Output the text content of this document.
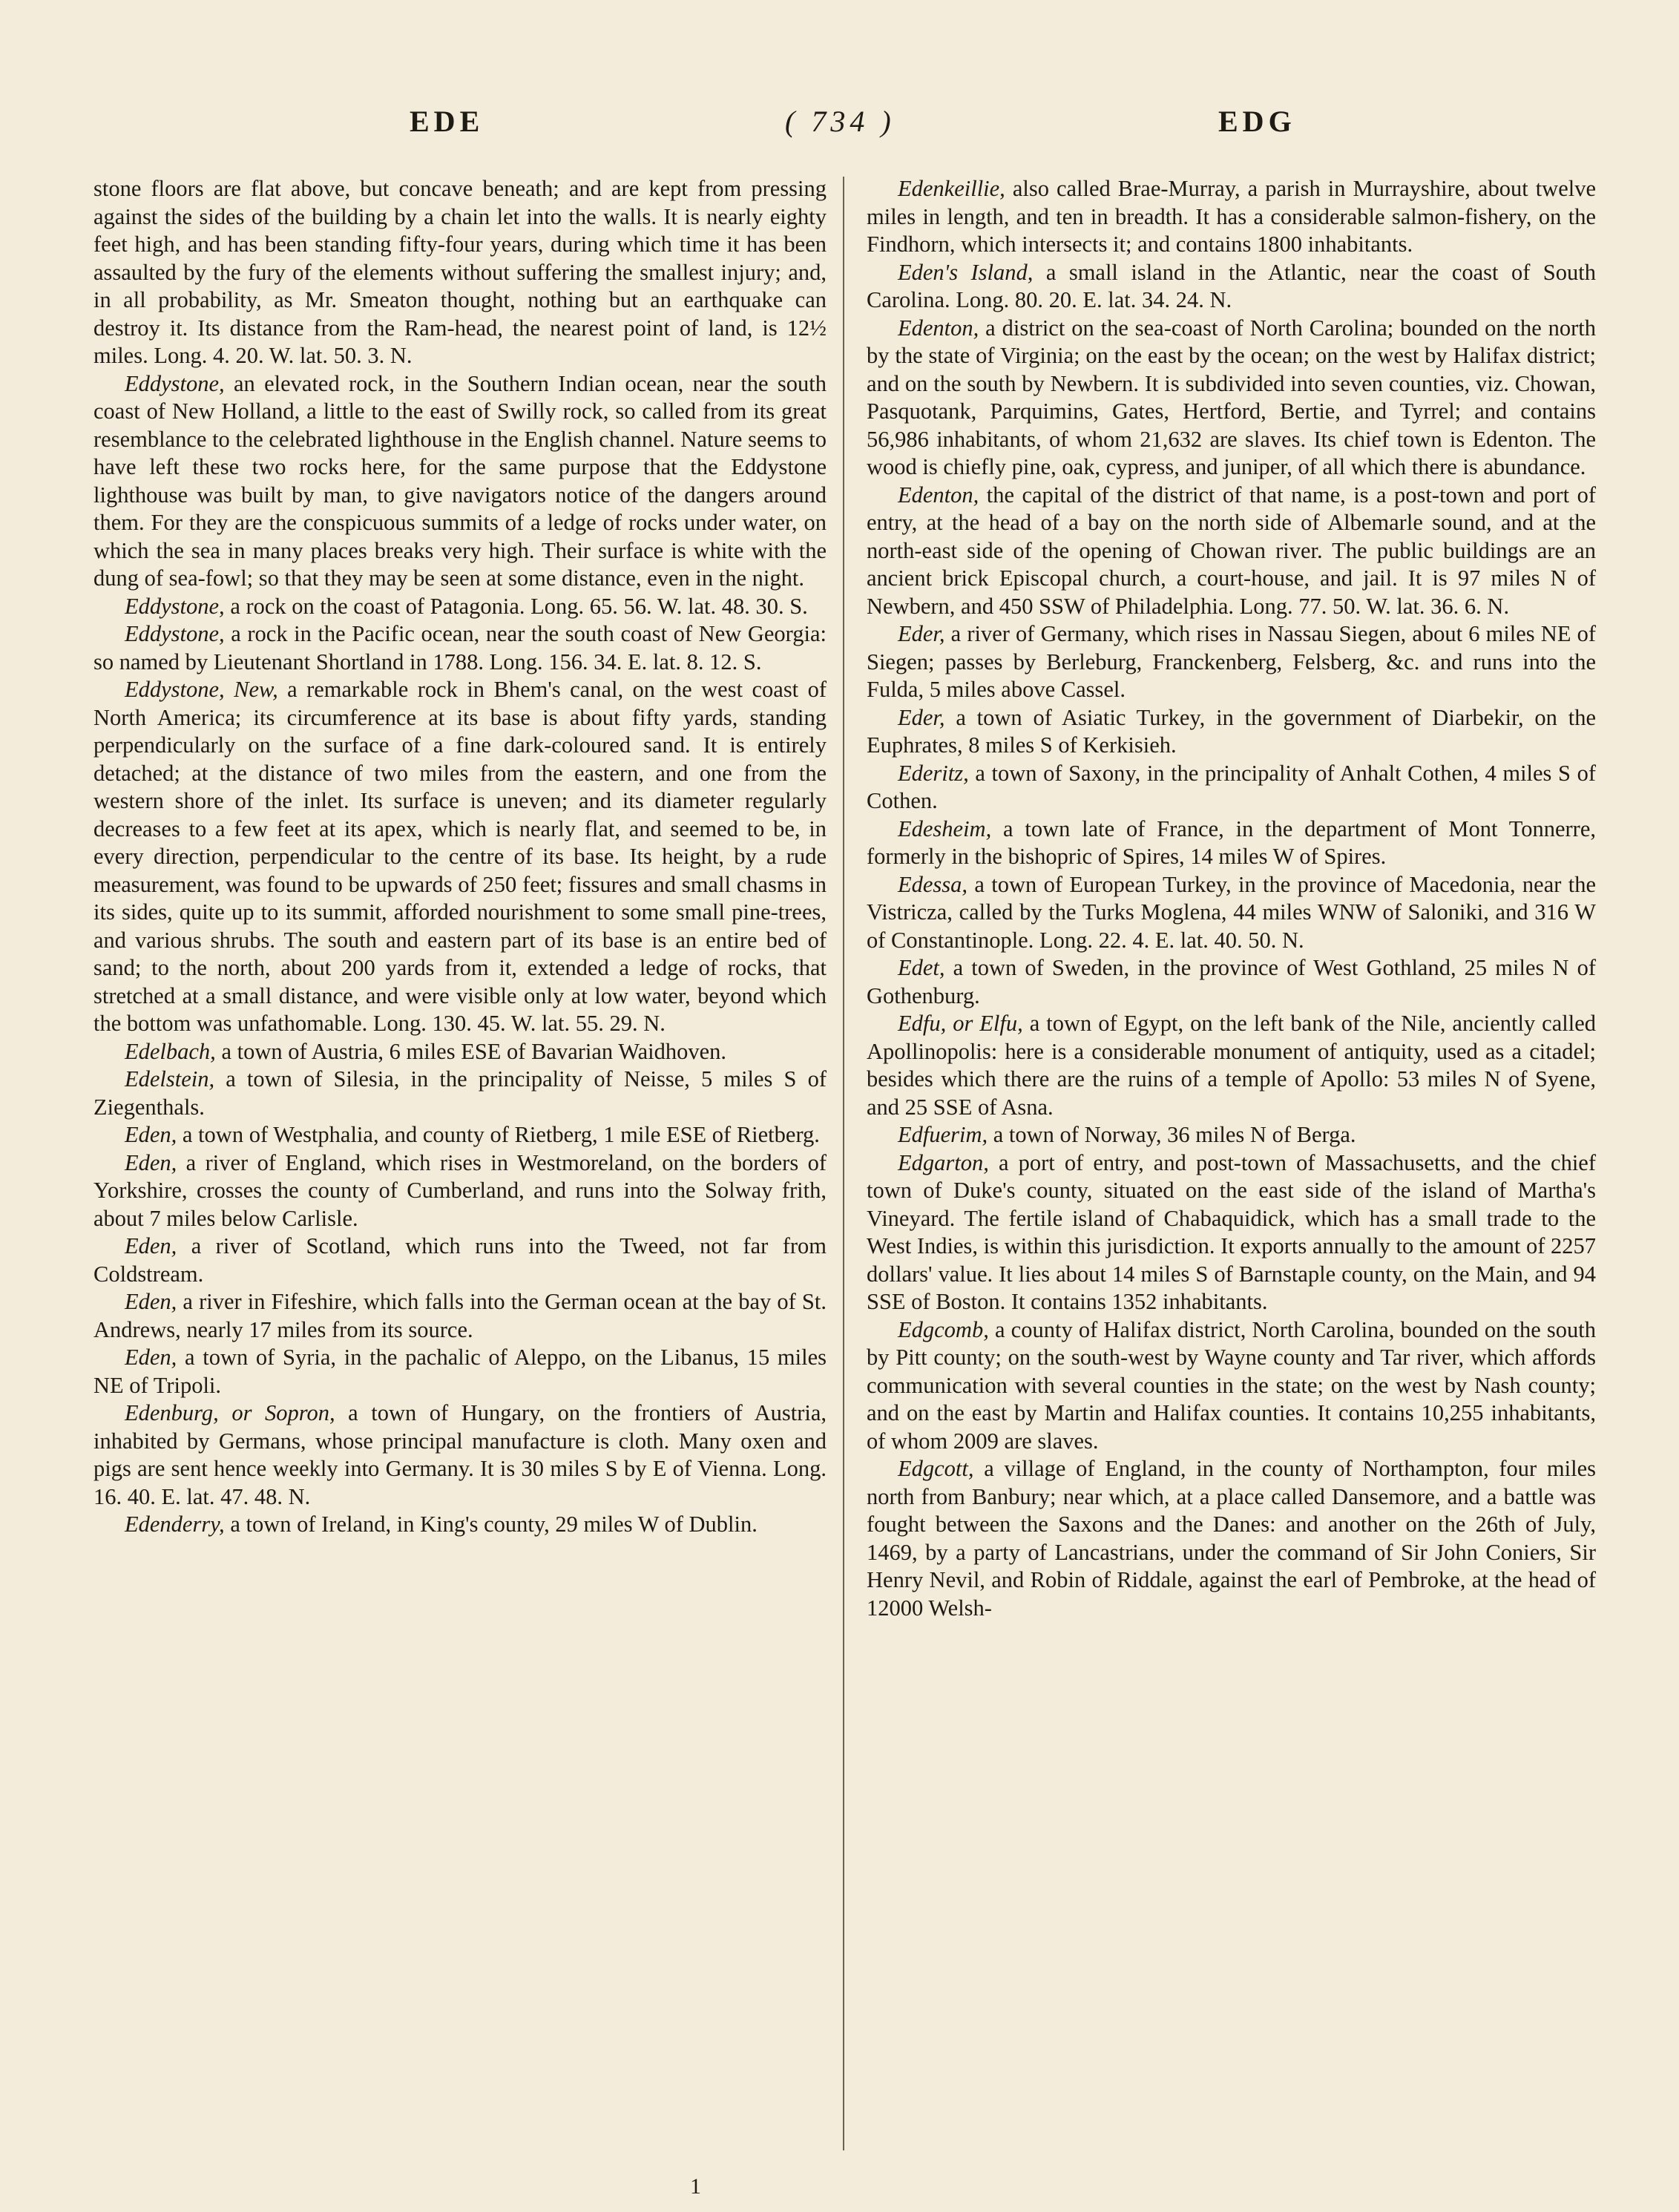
EDE	( 734 )	EDG

stone floors are flat above, but concave beneath; and are kept from pressing against the sides of the building by a chain let into the walls. It is nearly eighty feet high, and has been standing fifty-four years, during which time it has been assaulted by the fury of the elements without suffering the smallest injury; and, in all probability, as Mr. Smeaton thought, nothing but an earthquake can destroy it. Its distance from the Ram-head, the nearest point of land, is 12½ miles. Long. 4. 20. W. lat. 50. 3. N.

Eddystone, an elevated rock, in the Southern Indian ocean, near the south coast of New Holland, a little to the east of Swilly rock, so called from its great resemblance to the celebrated lighthouse in the English channel. Nature seems to have left these two rocks here, for the same purpose that the Eddystone lighthouse was built by man, to give navigators notice of the dangers around them. For they are the conspicuous summits of a ledge of rocks under water, on which the sea in many places breaks very high. Their surface is white with the dung of sea-fowl; so that they may be seen at some distance, even in the night.

Eddystone, a rock on the coast of Patagonia. Long. 65. 56. W. lat. 48. 30. S.

Eddystone, a rock in the Pacific ocean, near the south coast of New Georgia: so named by Lieutenant Shortland in 1788. Long. 156. 34. E. lat. 8. 12. S.

Eddystone, New, a remarkable rock in Bhem's canal, on the west coast of North America; its circumference at its base is about fifty yards, standing perpendicularly on the surface of a fine dark-coloured sand. It is entirely detached; at the distance of two miles from the eastern, and one from the western shore of the inlet. Its surface is uneven; and its diameter regularly decreases to a few feet at its apex, which is nearly flat, and seemed to be, in every direction, perpendicular to the centre of its base. Its height, by a rude measurement, was found to be upwards of 250 feet; fissures and small chasms in its sides, quite up to its summit, afforded nourishment to some small pine-trees, and various shrubs. The south and eastern part of its base is an entire bed of sand; to the north, about 200 yards from it, extended a ledge of rocks, that stretched at a small distance, and were visible only at low water, beyond which the bottom was unfathomable. Long. 130. 45. W. lat. 55. 29. N.

Edelbach, a town of Austria, 6 miles ESE of Bavarian Waidhoven.

Edelstein, a town of Silesia, in the principality of Neisse, 5 miles S of Ziegenthals.

Eden, a town of Westphalia, and county of Rietberg, 1 mile ESE of Rietberg.

Eden, a river of England, which rises in Westmoreland, on the borders of Yorkshire, crosses the county of Cumberland, and runs into the Solway frith, about 7 miles below Carlisle.

Eden, a river of Scotland, which runs into the Tweed, not far from Coldstream.

Eden, a river in Fifeshire, which falls into the German ocean at the bay of St. Andrews, nearly 17 miles from its source.

Eden, a town of Syria, in the pachalic of Aleppo, on the Libanus, 15 miles NE of Tripoli.

Edenburg, or Sopron, a town of Hungary, on the frontiers of Austria, inhabited by Germans, whose principal manufacture is cloth. Many oxen and pigs are sent hence weekly into Germany. It is 30 miles S by E of Vienna. Long. 16. 40. E. lat. 47. 48. N.

Edenderry, a town of Ireland, in King's county, 29 miles W of Dublin.

Edenkeillie, also called Brae-Murray, a parish in Murrayshire, about twelve miles in length, and ten in breadth. It has a considerable salmon-fishery, on the Findhorn, which intersects it; and contains 1800 inhabitants.

Eden's Island, a small island in the Atlantic, near the coast of South Carolina. Long. 80. 20. E. lat. 34. 24. N.

Edenton, a district on the sea-coast of North Carolina; bounded on the north by the state of Virginia; on the east by the ocean; on the west by Halifax district; and on the south by Newbern. It is subdivided into seven counties, viz. Chowan, Pasquotank, Parquimins, Gates, Hertford, Bertie, and Tyrrel; and contains 56,986 inhabitants, of whom 21,632 are slaves. Its chief town is Edenton. The wood is chiefly pine, oak, cypress, and juniper, of all which there is abundance.

Edenton, the capital of the district of that name, is a post-town and port of entry, at the head of a bay on the north side of Albemarle sound, and at the north-east side of the opening of Chowan river. The public buildings are an ancient brick Episcopal church, a court-house, and jail. It is 97 miles N of Newbern, and 450 SSW of Philadelphia. Long. 77. 50. W. lat. 36. 6. N.

Eder, a river of Germany, which rises in Nassau Siegen, about 6 miles NE of Siegen; passes by Berleburg, Franckenberg, Felsberg, &c. and runs into the Fulda, 5 miles above Cassel.

Eder, a town of Asiatic Turkey, in the government of Diarbekir, on the Euphrates, 8 miles S of Kerkisieh.

Ederitz, a town of Saxony, in the principality of Anhalt Cothen, 4 miles S of Cothen.

Edesheim, a town late of France, in the department of Mont Tonnerre, formerly in the bishopric of Spires, 14 miles W of Spires.

Edessa, a town of European Turkey, in the province of Macedonia, near the Vistricza, called by the Turks Moglena, 44 miles WNW of Saloniki, and 316 W of Constantinople. Long. 22. 4. E. lat. 40. 50. N.

Edet, a town of Sweden, in the province of West Gothland, 25 miles N of Gothenburg.

Edfu, or Elfu, a town of Egypt, on the left bank of the Nile, anciently called Apollinopolis: here is a considerable monument of antiquity, used as a citadel; besides which there are the ruins of a temple of Apollo: 53 miles N of Syene, and 25 SSE of Asna.

Edfuerim, a town of Norway, 36 miles N of Berga.

Edgarton, a port of entry, and post-town of Massachusetts, and the chief town of Duke's county, situated on the east side of the island of Martha's Vineyard. The fertile island of Chabaquidick, which has a small trade to the West Indies, is within this jurisdiction. It exports annually to the amount of 2257 dollars' value. It lies about 14 miles S of Barnstaple county, on the Main, and 94 SSE of Boston. It contains 1352 inhabitants.

Edgcomb, a county of Halifax district, North Carolina, bounded on the south by Pitt county; on the south-west by Wayne county and Tar river, which affords communication with several counties in the state; on the west by Nash county; and on the east by Martin and Halifax counties. It contains 10,255 inhabitants, of whom 2009 are slaves.

Edgcott, a village of England, in the county of Northampton, four miles north from Banbury; near which, at a place called Dansemore, and a battle was fought between the Saxons and the Danes: and another on the 26th of July, 1469, by a party of Lancastrians, under the command of Sir John Coniers, Sir Henry Nevil, and Robin of Riddale, against the earl of Pembroke, at the head of 12000 Welsh-

1
